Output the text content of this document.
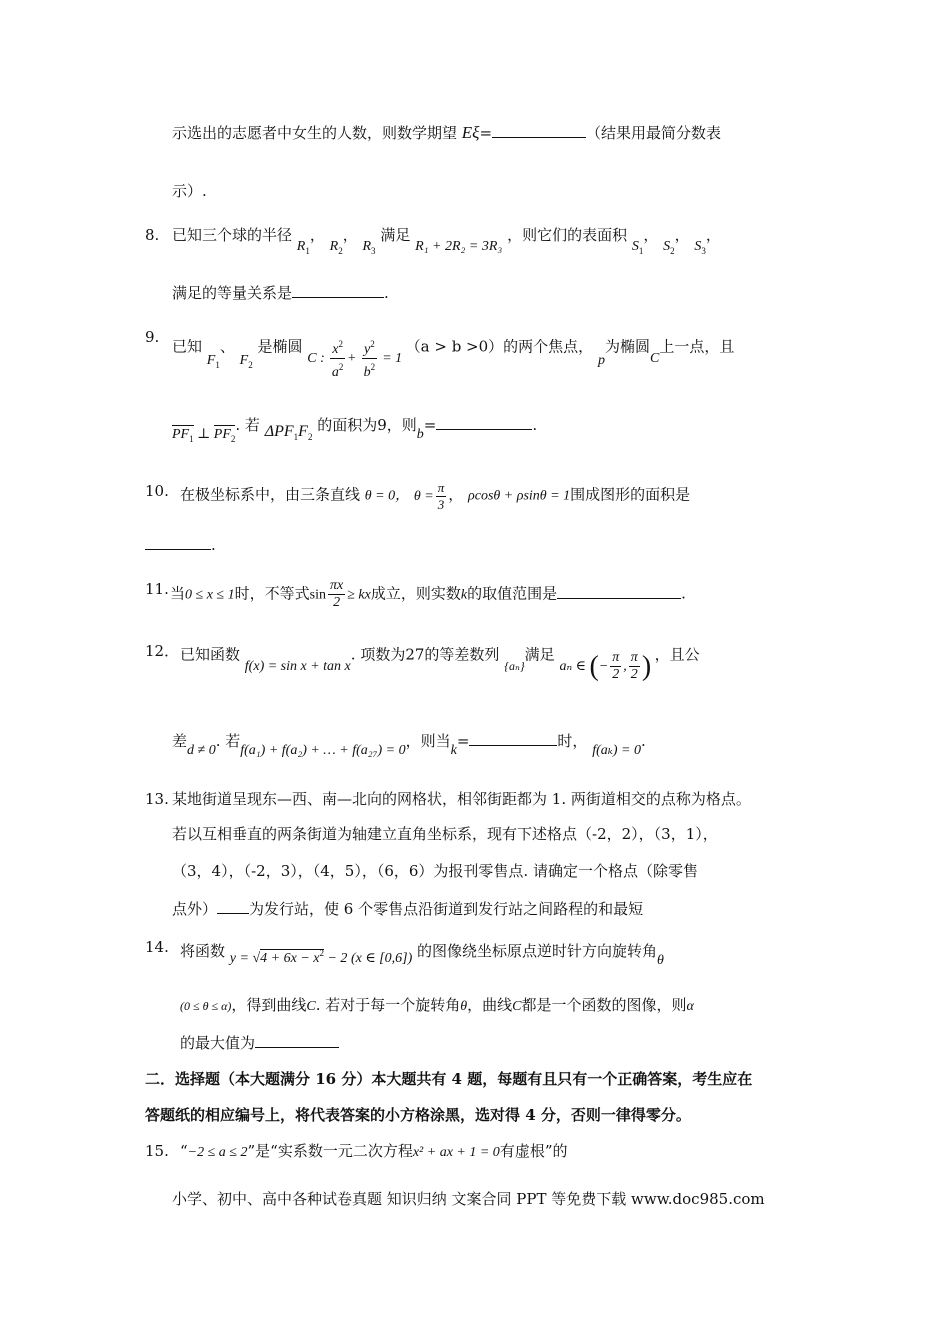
示选出的志愿者中女生的人数，则数学期望 Eξ=	（结果用最简分数表
示）.
8. 已知三个球的半径 $R_1$， $R_2$， $R_3$ 满足 R₁ + 2R₂ = 3R₃ ，则它们的表面积 $S_1$， $S_2$， $S_3$，
满足的等量关系是	.
9.
已知 $F_1$、 $F_2$ 是椭圆 C : $\frac{x^2}{a^2} + \frac{y^2}{b^2} = 1$ （a > b >0）的两个焦点， p为椭圆C上一点，且
$PF_1$ ⊥ $PF_2$. 若 $\Delta PF_1F_2$ 的面积为9，则b=	.
10. 在极坐标系中，由三条直线 θ = 0， $\theta = \frac{\pi}{3}$ ， ρcosθ + ρsinθ = 1围成图形的面积是
.
11. 当0 ≤ x ≤ 1时，不等式$\sin \frac{\pi x}{2}$ ≥ kx成立，则实数k的取值范围是	.
12． 已知函数 f(x) = sin x + tan x. 项数为27的等差数列 $_{\{a_n\}}$满足 aₙ ∈ (− $\frac{\pi}{2}$ , $\frac{\pi}{2}$ ) ，且公
差d ≠ 0. 若f(a₁) + f(a₂) + … + f(a₂₇) = 0，则当k=	时， f(aₖ) = 0.
13. 某地街道呈现东—西、南—北向的网格状，相邻街距都为 1. 两街道相交的点称为格点。
若以互相垂直的两条街道为轴建立直角坐标系，现有下述格点（-2，2），（3，1），
（3，4），（-2，3），（4，5），（6，6）为报刊零售点. 请确定一个格点（除零售
点外） 为发行站，使 6 个零售点沿街道到发行站之间路程的和最短
14. 将函数 $y = √4 + 6x - x^2 - 2$ (x ∈ [0,6]) 的图像绕坐标原点逆时针方向旋转角θ
(0 ≤ θ ≤ α)，得到曲线C. 若对于每一个旋转角θ，曲线C都是一个函数的图像，则α
的最大值为
二．选择题（本大题满分 16 分）本大题共有 4 题，每题有且只有一个正确答案，考生应在
答题纸的相应编号上，将代表答案的小方格涂黑，选对得 4 分，否则一律得零分。
15. “−2 ≤ a ≤ 2”是“实系数一元二次方程x² + ax + 1 = 0有虚根”的
小学、初中、高中各种试卷真题 知识归纳 文案合同 PPT 等免费下载 www.doc985.com
